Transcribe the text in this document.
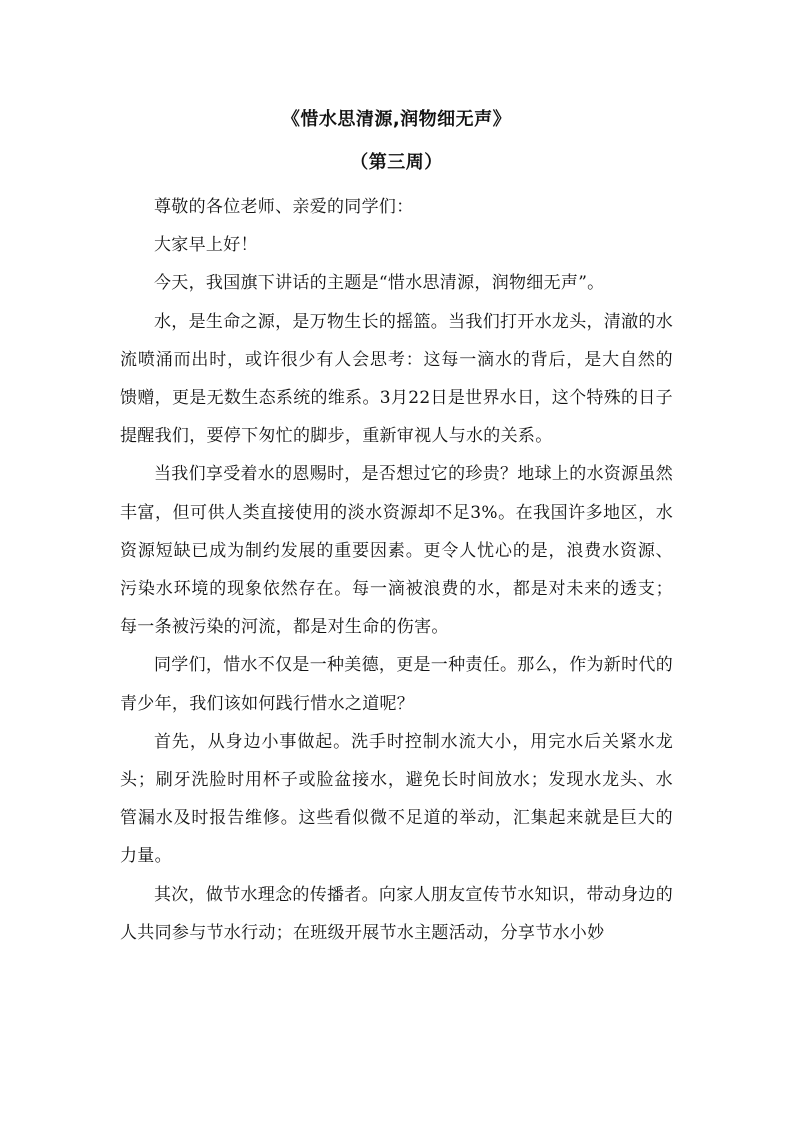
《惜水思清源,润物细无声》
（第三周）

尊敬的各位老师、亲爱的同学们：

大家早上好！

今天，我国旗下讲话的主题是“惜水思清源，润物细无声”。

水，是生命之源，是万物生长的摇篮。当我们打开水龙头，清澈的水流喷涌而出时，或许很少有人会思考：这每一滴水的背后，是大自然的馈赠，更是无数生态系统的维系。3月22日是世界水日，这个特殊的日子提醒我们，要停下匆忙的脚步，重新审视人与水的关系。

当我们享受着水的恩赐时，是否想过它的珍贵？地球上的水资源虽然丰富，但可供人类直接使用的淡水资源却不足3%。在我国许多地区，水资源短缺已成为制约发展的重要因素。更令人忧心的是，浪费水资源、污染水环境的现象依然存在。每一滴被浪费的水，都是对未来的透支；每一条被污染的河流，都是对生命的伤害。

同学们，惜水不仅是一种美德，更是一种责任。那么，作为新时代的青少年，我们该如何践行惜水之道呢？

首先，从身边小事做起。洗手时控制水流大小，用完水后关紧水龙头；刷牙洗脸时用杯子或脸盆接水，避免长时间放水；发现水龙头、水管漏水及时报告维修。这些看似微不足道的举动，汇集起来就是巨大的力量。

其次，做节水理念的传播者。向家人朋友宣传节水知识，带动身边的人共同参与节水行动；在班级开展节水主题活动，分享节水小妙
